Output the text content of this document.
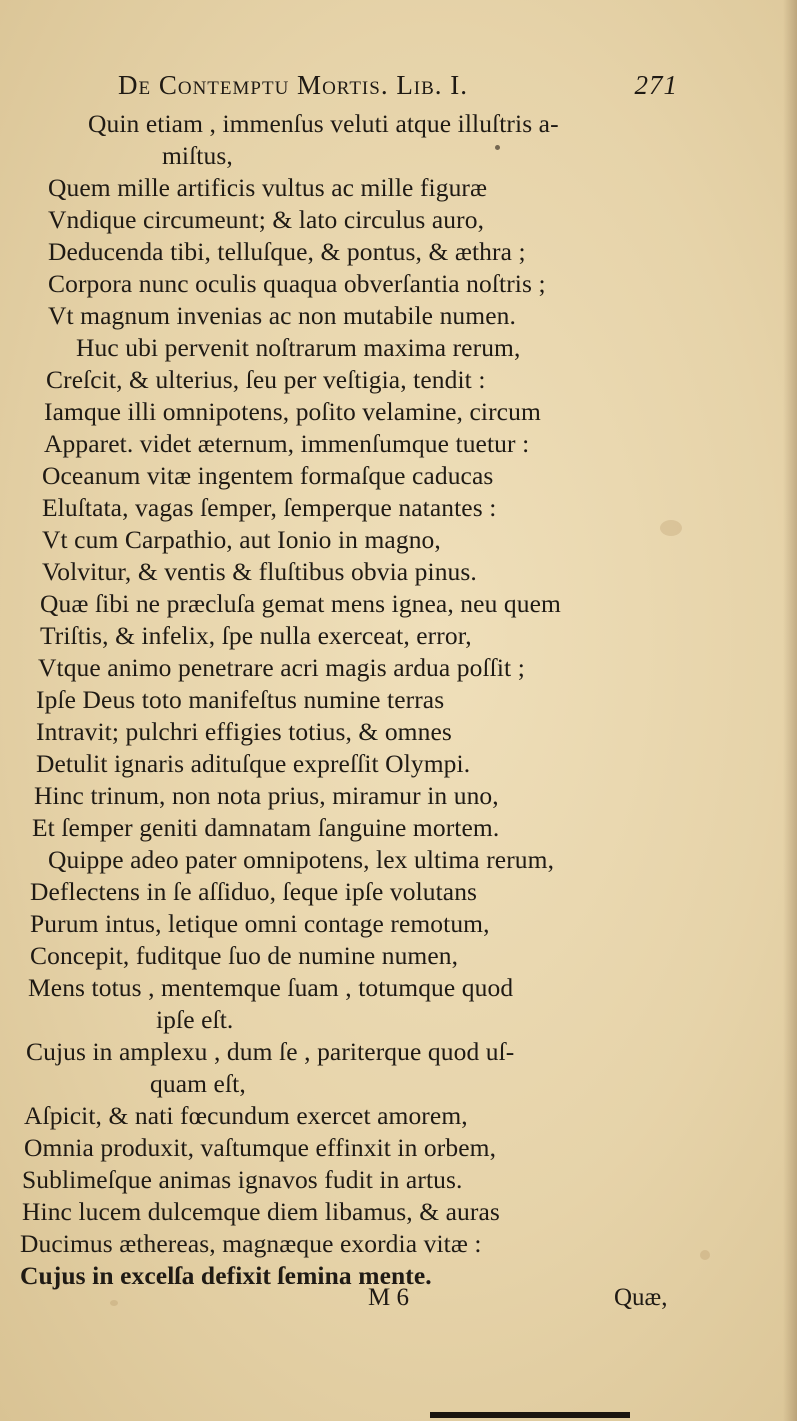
De Contemptu Mortis. Lib. I.	271
Quin etiam , immenſus veluti atque illuſtris a-
miſtus,
Quem mille artificis vultus ac mille figuræ
Vndique circumeunt; & lato circulus auro,
Deducenda tibi, telluſque, & pontus, & æthra ;
Corpora nunc oculis quaqua obverſantia noſtris ;
Vt magnum invenias ac non mutabile numen.
Huc ubi pervenit noſtrarum maxima rerum,
Creſcit, & ulterius, ſeu per veſtigia, tendit :
Iamque illi omnipotens, poſito velamine, circum
Apparet. videt æternum, immenſumque tuetur :
Oceanum vitæ ingentem formaſque caducas
Eluſtata, vagas ſemper, ſemperque natantes :
Vt cum Carpathio, aut Ionio in magno,
Volvitur, & ventis & fluſtibus obvia pinus.
Quæ ſibi ne præcluſa gemat mens ignea, neu quem
Triſtis, & infelix, ſpe nulla exerceat, error,
Vtque animo penetrare acri magis ardua poſſit ;
Ipſe Deus toto manifeſtus numine terras
Intravit; pulchri effigies totius, & omnes
Detulit ignaris adituſque expreſſit Olympi.
Hinc trinum, non nota prius, miramur in uno,
Et ſemper geniti damnatam ſanguine mortem.
Quippe adeo pater omnipotens, lex ultima rerum,
Deflectens in ſe aſſiduo, ſeque ipſe volutans
Purum intus, letique omni contage remotum,
Concepit, fuditque ſuo de numine numen,
Mens totus , mentemque ſuam , totumque quod
ipſe eſt.
Cujus in amplexu , dum ſe , pariterque quod uſ-
quam eſt,
Aſpicit, & nati fœcundum exercet amorem,
Omnia produxit, vaſtumque effinxit in orbem,
Sublimeſque animas ignavos fudit in artus.
Hinc lucem dulcemque diem libamus, & auras
Ducimus æthereas, magnæque exordia vitæ :
Cujus in excelſa defixit ſemina mente.
M 6	Quæ,
